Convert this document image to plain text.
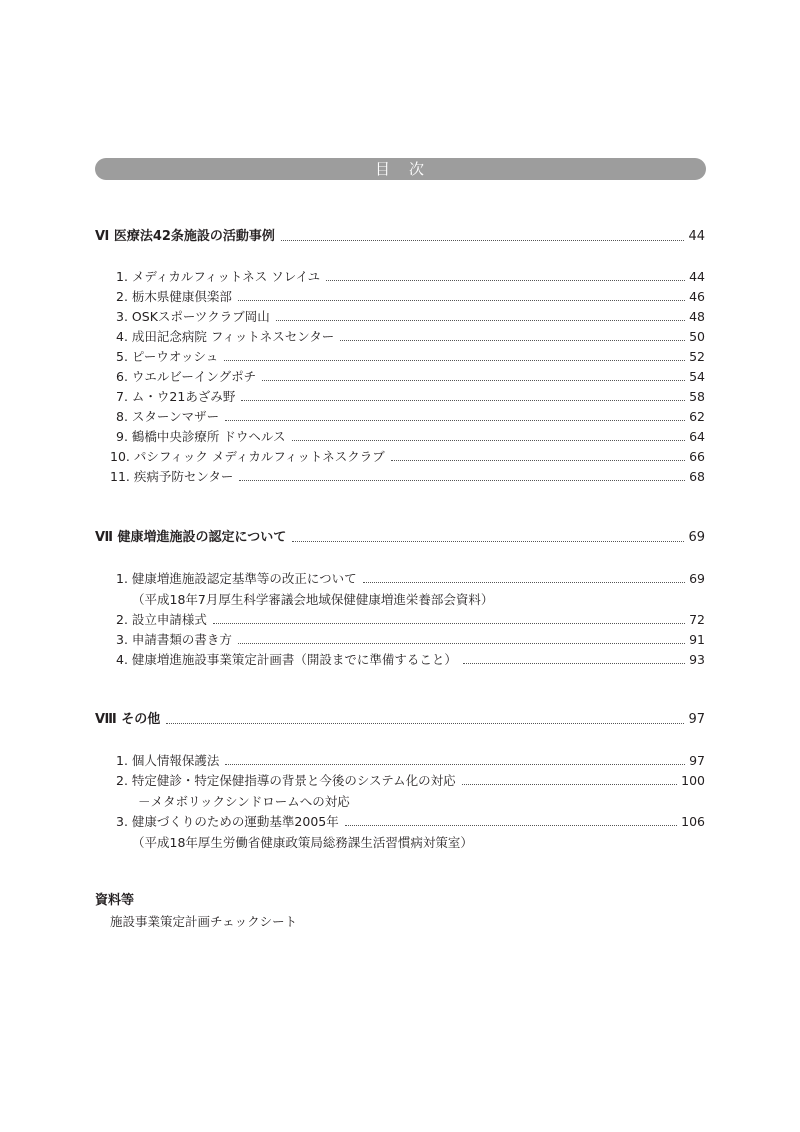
目　次
Ⅵ 医療法42条施設の活動事例	44
1. メディカルフィットネス ソレイユ	44
2. 栃木県健康倶楽部	46
3. OSKスポーツクラブ岡山	48
4. 成田記念病院 フィットネスセンター	50
5. ピーウオッシュ	52
6. ウエルビーイングポチ	54
7. ム・ウ21あざみ野	58
8. スターンマザー	62
9. 鶴橋中央診療所 ドウヘルス	64
10. パシフィック メディカルフィットネスクラブ	66
11. 疾病予防センター	68
Ⅶ 健康増進施設の認定について	69
1. 健康増進施設認定基準等の改正について	69
（平成18年7月厚生科学審議会地域保健健康増進栄養部会資料）
2. 設立申請様式	72
3. 申請書類の書き方	91
4. 健康増進施設事業策定計画書（開設までに準備すること）	93
Ⅷ その他	97
1. 個人情報保護法	97
2. 特定健診・特定保健指導の背景と今後のシステム化の対応	100
－メタボリックシンドロームへの対応
3. 健康づくりのための運動基準2005年	106
（平成18年厚生労働省健康政策局総務課生活習慣病対策室）
資料等
施設事業策定計画チェックシート
